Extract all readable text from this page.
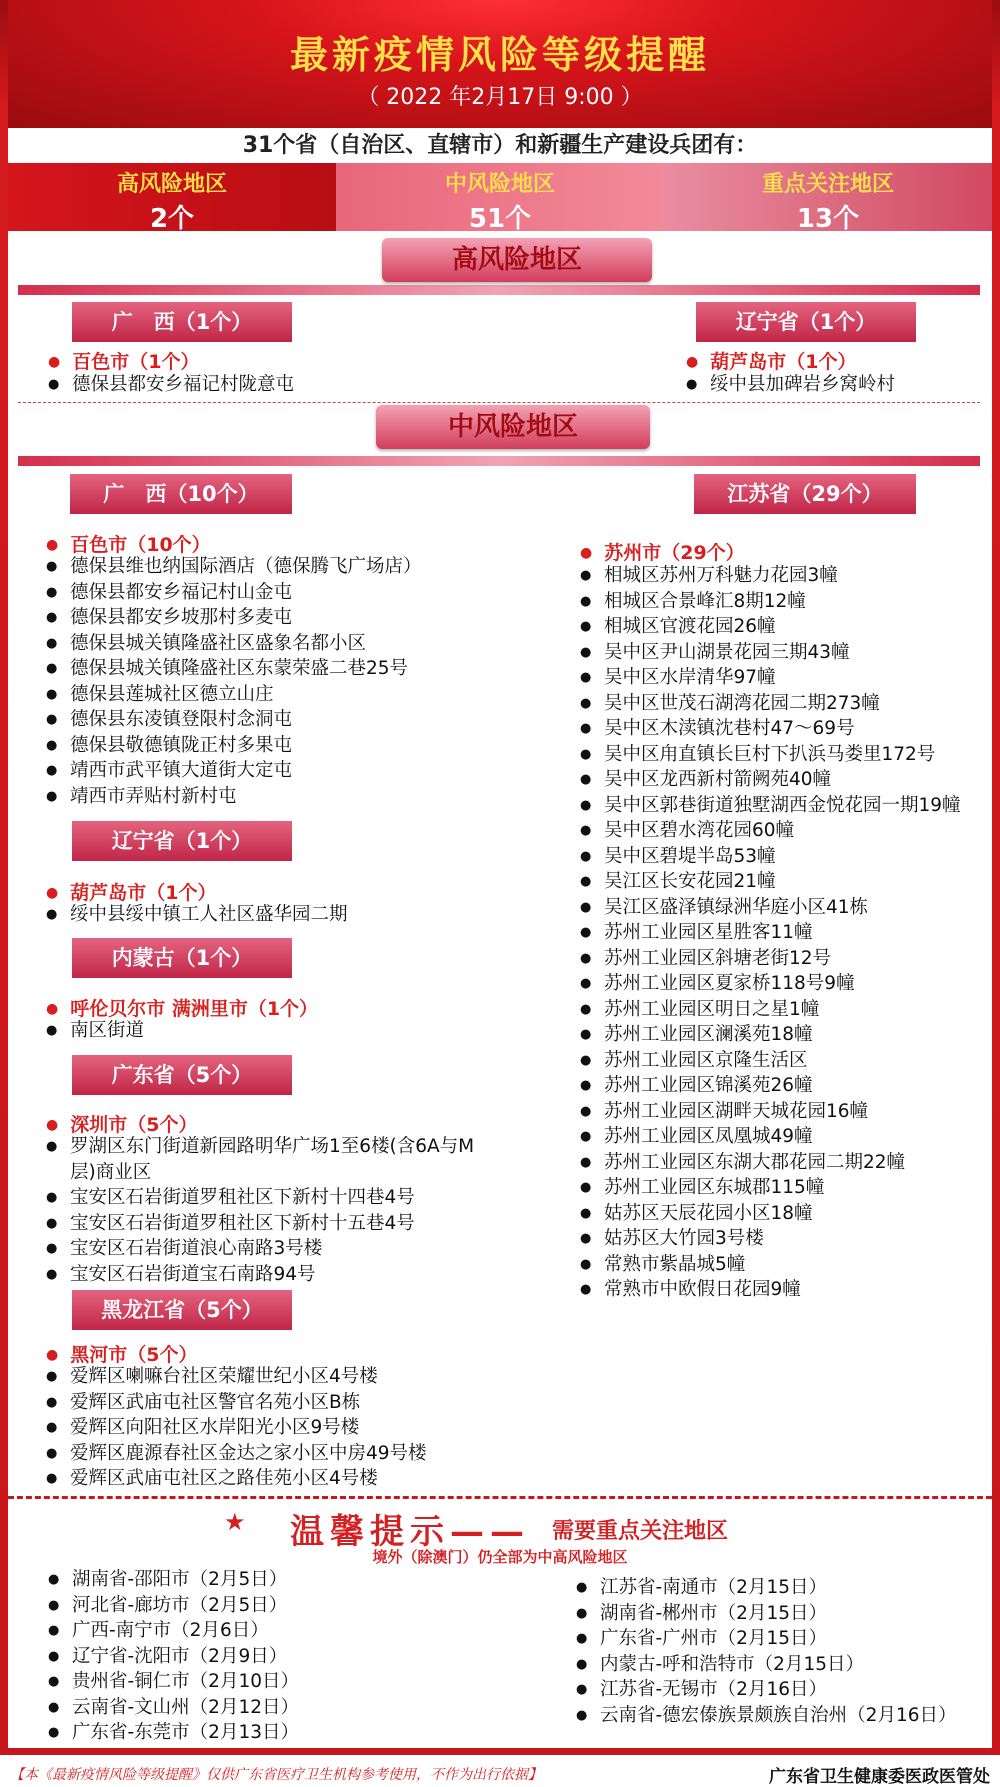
最新疫情风险等级提醒
（ 2022 年2月17日 9:00 ）
31个省（自治区、直辖市）和新疆生产建设兵团有：
高风险地区
2个
中风险地区
51个
重点关注地区
13个
高风险地区
广　西（1个）
● 百色市（1个）
● 德保县都安乡福记村陇意屯
辽宁省（1个）
● 葫芦岛市（1个）
● 绥中县加碑岩乡窝岭村
中风险地区
广　西（10个）
● 百色市（10个）
● 德保县维也纳国际酒店（德保腾飞广场店）
● 德保县都安乡福记村山金屯
● 德保县都安乡坡那村多麦屯
● 德保县城关镇隆盛社区盛象名都小区
● 德保县城关镇隆盛社区东蒙荣盛二巷25号
● 德保县莲城社区德立山庄
● 德保县东凌镇登限村念洞屯
● 德保县敬德镇陇正村多果屯
● 靖西市武平镇大道街大定屯
● 靖西市弄贴村新村屯
辽宁省（1个）
● 葫芦岛市（1个）
● 绥中县绥中镇工人社区盛华园二期
内蒙古（1个）
● 呼伦贝尔市 满洲里市（1个）
● 南区街道
广东省（5个）
● 深圳市（5个）
● 罗湖区东门街道新园路明华广场1至6楼(含6A与M层)商业区
● 宝安区石岩街道罗租社区下新村十四巷4号
● 宝安区石岩街道罗租社区下新村十五巷4号
● 宝安区石岩街道浪心南路3号楼
● 宝安区石岩街道宝石南路94号
黑龙江省（5个）
● 黑河市（5个）
● 爱辉区喇嘛台社区荣耀世纪小区4号楼
● 爱辉区武庙屯社区警官名苑小区B栋
● 爱辉区向阳社区水岸阳光小区9号楼
● 爱辉区鹿源春社区金达之家小区中房49号楼
● 爱辉区武庙屯社区之路佳苑小区4号楼
江苏省（29个）
● 苏州市（29个）
● 相城区苏州万科魅力花园3幢
● 相城区合景峰汇8期12幢
● 相城区官渡花园26幢
● 吴中区尹山湖景花园三期43幢
● 吴中区水岸清华97幢
● 吴中区世茂石湖湾花园二期273幢
● 吴中区木渎镇沈巷村47～69号
● 吴中区甪直镇长巨村下扒浜马娄里172号
● 吴中区龙西新村箭阙苑40幢
● 吴中区郭巷街道独墅湖西金悦花园一期19幢
● 吴中区碧水湾花园60幢
● 吴中区碧堤半岛53幢
● 吴江区长安花园21幢
● 吴江区盛泽镇绿洲华庭小区41栋
● 苏州工业园区星胜客11幢
● 苏州工业园区斜塘老街12号
● 苏州工业园区夏家桥118号9幢
● 苏州工业园区明日之星1幢
● 苏州工业园区澜溪苑18幢
● 苏州工业园区京隆生活区
● 苏州工业园区锦溪苑26幢
● 苏州工业园区湖畔天城花园16幢
● 苏州工业园区凤凰城49幢
● 苏州工业园区东湖大郡花园二期22幢
● 苏州工业园区东城郡115幢
● 姑苏区天辰花园小区18幢
● 姑苏区大竹园3号楼
● 常熟市紫晶城5幢
● 常熟市中欧假日花园9幢
★ 温馨提示—— 需要重点关注地区
境外（除澳门）仍全部为中高风险地区
● 湖南省-邵阳市（2月5日）
● 河北省-廊坊市（2月5日）
● 广西-南宁市（2月6日）
● 辽宁省-沈阳市（2月9日）
● 贵州省-铜仁市（2月10日）
● 云南省-文山州（2月12日）
● 广东省-东莞市（2月13日）
● 江苏省-南通市（2月15日）
● 湖南省-郴州市（2月15日）
● 广东省-广州市（2月15日）
● 内蒙古-呼和浩特市（2月15日）
● 江苏省-无锡市（2月16日）
● 云南省-德宏傣族景颇族自治州（2月16日）
【本《最新疫情风险等级提醒》仅供广东省医疗卫生机构参考使用，不作为出行依据】	广东省卫生健康委医政医管处
